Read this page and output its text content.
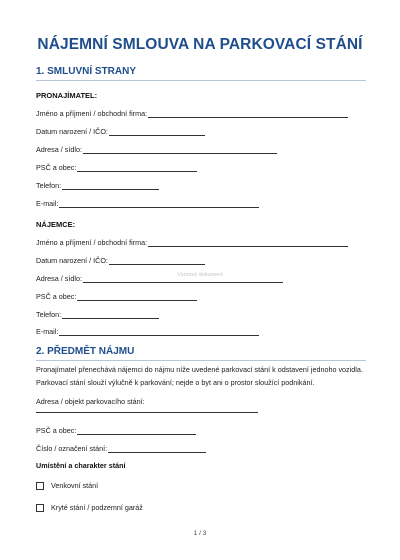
Vzorový dokument
NÁJEMNÍ SMLOUVA NA PARKOVACÍ STÁNÍ
1. SMLUVNÍ STRANY
PRONAJÍMATEL:
Jméno a příjmení / obchodní firma:
Datum narození / IČO:
Adresa / sídlo:
PSČ a obec:
Telefon:
E-mail:
NÁJEMCE:
Jméno a příjmení / obchodní firma:
Datum narození / IČO:
Adresa / sídlo:
PSČ a obec:
Telefon:
E-mail:
2. PŘEDMĚT NÁJMU
Pronajímatel přenechává nájemci do nájmu níže uvedené parkovací stání k odstavení jednoho vozidla. Parkovací stání slouží výlučně k parkování; nejde o byt ani o prostor sloužící podnikání.
Adresa / objekt parkovacího stání:
PSČ a obec:
Číslo / označení stání:
Umístění a charakter stání
Venkovní stání
Kryté stání / podzemní garáž
1 / 3
